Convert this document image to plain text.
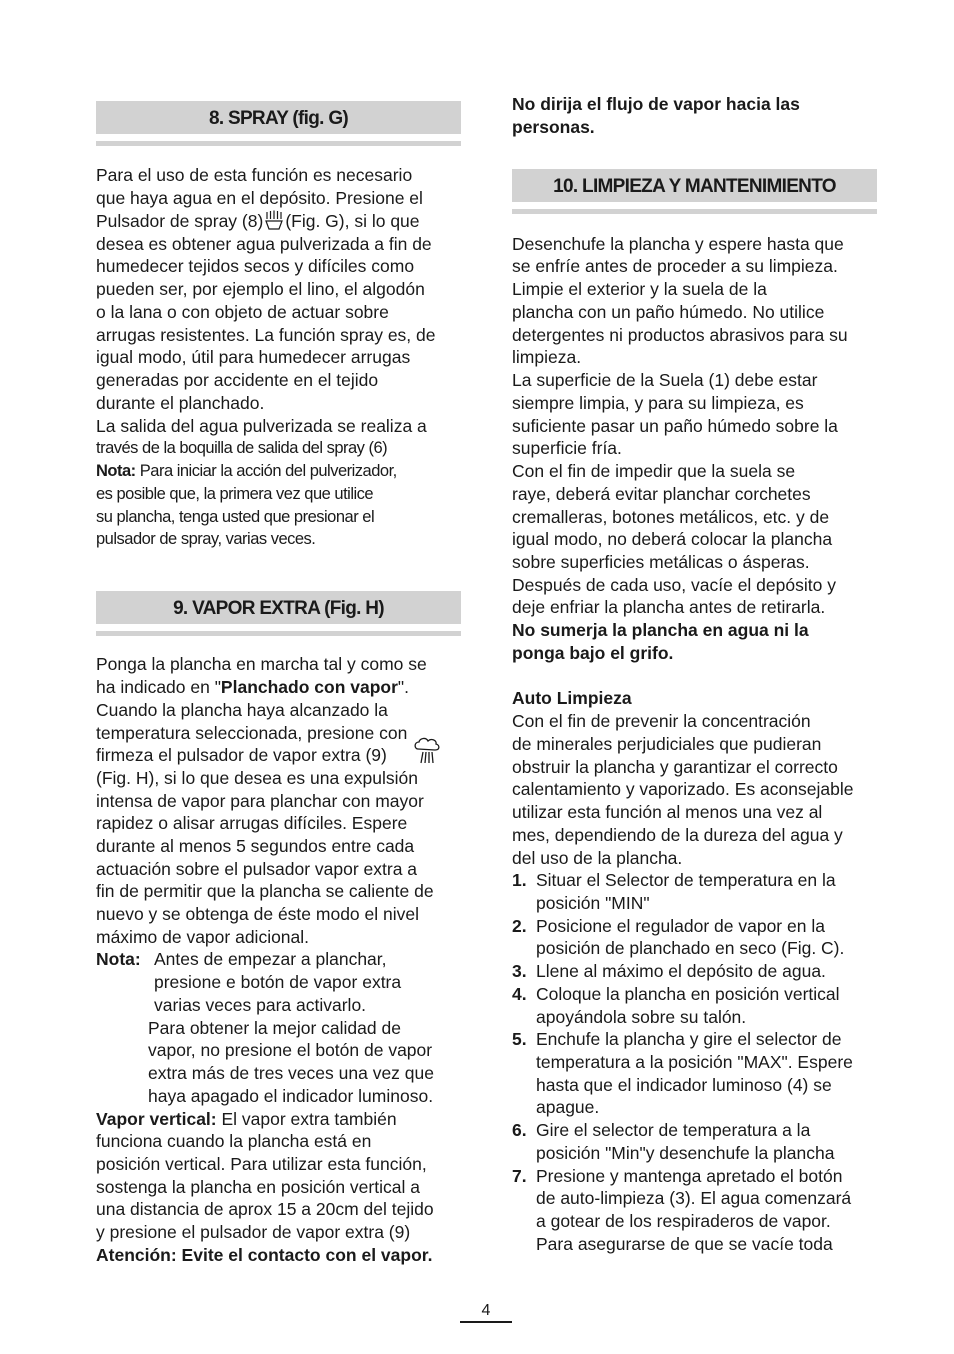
8. SPRAY (fig. G)
Para el uso de esta función es necesario
que haya agua en el depósito. Presione el
Pulsador de spray (8) (Fig. G), si lo que
desea es obtener agua pulverizada a fin de
humedecer tejidos secos y difíciles como
pueden ser, por ejemplo el lino, el algodón
o la lana o con objeto de actuar sobre
arrugas resistentes. La función spray es, de
igual modo, útil para humedecer arrugas
generadas por accidente en el tejido
durante el planchado.
La salida del agua pulverizada se realiza a
través de la boquilla de salida del spray (6)
Nota: Para iniciar la acción del pulverizador,
es posible que, la primera vez que utilice
su plancha, tenga usted que presionar el
pulsador de spray, varias veces.
9. VAPOR EXTRA (Fig. H)
Ponga la plancha en marcha tal y como se
ha indicado en "Planchado con vapor".
Cuando la plancha haya alcanzado la
temperatura seleccionada, presione con
firmeza el pulsador de vapor extra (9)
(Fig. H), si lo que desea es una expulsión
intensa de vapor para planchar con mayor
rapidez o alisar arrugas difíciles. Espere
durante al menos 5 segundos entre cada
actuación sobre el pulsador vapor extra a
fin de permitir que la plancha se caliente de
nuevo y se obtenga de éste modo el nivel
máximo de vapor adicional.
Nota: Antes de empezar a planchar,
presione e botón de vapor extra
varias veces para activarlo.
Para obtener la mejor calidad de
vapor, no presione el botón de vapor
extra más de tres veces una vez que
haya apagado el indicador luminoso.
Vapor vertical: El vapor extra también
funciona cuando la plancha está en
posición vertical. Para utilizar esta función,
sostenga la plancha en posición vertical a
una distancia de aprox 15 a 20cm del tejido
y presione el pulsador de vapor extra (9)
Atención: Evite el contacto con el vapor.
No dirija el flujo de vapor hacia las
personas.
10. LIMPIEZA Y MANTENIMIENTO
Desenchufe la plancha y espere hasta que
se enfríe antes de proceder a su limpieza.
Limpie el exterior y la suela de la
plancha con un paño húmedo. No utilice
detergentes ni productos abrasivos para su
limpieza.
La superficie de la Suela (1) debe estar
siempre limpia, y para su limpieza, es
suficiente pasar un paño húmedo sobre la
superficie fría.
Con el fin de impedir que la suela se
raye, deberá evitar planchar corchetes
cremalleras, botones metálicos, etc. y de
igual modo, no deberá colocar la plancha
sobre superficies metálicas o ásperas.
Después de cada uso, vacíe el depósito y
deje enfriar la plancha antes de retirarla.
No sumerja la plancha en agua ni la
ponga bajo el grifo.
Auto Limpieza
Con el fin de prevenir la concentración
de minerales perjudiciales que pudieran
obstruir la plancha y garantizar el correcto
calentamiento y vaporizado. Es aconsejable
utilizar esta función al menos una vez al
mes, dependiendo de la dureza del agua y
del uso de la plancha.
1. Situar el Selector de temperatura en la
posición "MIN"
2. Posicione el regulador de vapor en la
posición de planchado en seco (Fig. C).
3. Llene al máximo el depósito de agua.
4. Coloque la plancha en posición vertical
apoyándola sobre su talón.
5. Enchufe la plancha y gire el selector de
temperatura a la posición "MAX". Espere
hasta que el indicador luminoso (4) se
apague.
6. Gire el selector de temperatura a la
posición "Min"y desenchufe la plancha
7. Presione y mantenga apretado el botón
de auto-limpieza (3). El agua comenzará
a gotear de los respiraderos de vapor.
Para asegurarse de que se vacíe toda
4
